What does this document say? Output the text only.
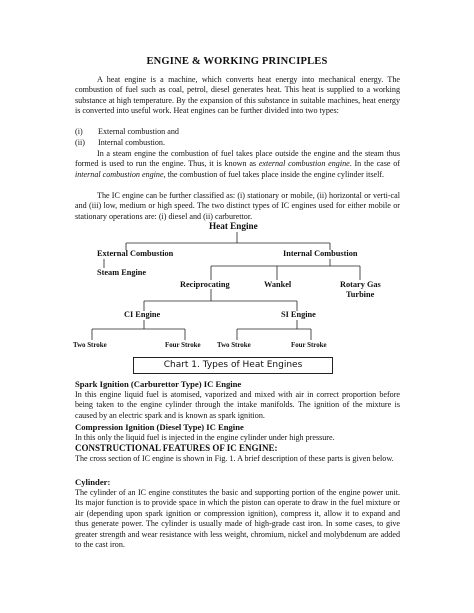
ENGINE & WORKING PRINCIPLES
A heat engine is a machine, which converts heat energy into mechanical energy. The combustion of fuel such as coal, petrol, diesel generates heat. This heat is supplied to a working substance at high temperature. By the expansion of this substance in suitable machines, heat energy is converted into useful work. Heat engines can be further divided into two types:
(i) External combustion and
(ii) Internal combustion.
In a steam engine the combustion of fuel takes place outside the engine and the steam thus formed is used to run the engine. Thus, it is known as external combustion engine. In the case of internal combustion engine, the combustion of fuel takes place inside the engine cylinder itself.
The IC engine can be further classified as: (i) stationary or mobile, (ii) horizontal or verti-cal and (iii) low, medium or high speed. The two distinct types of IC engines used for either mobile or stationary operations are: (i) diesel and (ii) carburettor.
Heat Engine
External Combustion
Steam Engine
Internal Combustion
Reciprocating	Wankel	Rotary Gas
Turbine
CI Engine	SI Engine
Two Stroke	Four Stroke Two Stroke	Four Stroke
Chart 1. Types of Heat Engines
Spark Ignition (Carburettor Type) IC Engine
In this engine liquid fuel is atomised, vaporized and mixed with air in correct proportion before being taken to the engine cylinder through the intake manifolds. The ignition of the mixture is caused by an electric spark and is known as spark ignition.
Compression Ignition (Diesel Type) IC Engine
In this only the liquid fuel is injected in the engine cylinder under high pressure.
CONSTRUCTIONAL FEATURES OF IC ENGINE:
The cross section of IC engine is shown in Fig. 1. A brief description of these parts is given below.
Cylinder:
The cylinder of an IC engine constitutes the basic and supporting portion of the engine power unit. Its major function is to provide space in which the piston can operate to draw in the fuel mixture or air (depending upon spark ignition or compression ignition), compress it, allow it to expand and thus generate power. The cylinder is usually made of high-grade cast iron. In some cases, to give greater strength and wear resistance with less weight, chromium, nickel and molybdenum are added to the cast iron.
